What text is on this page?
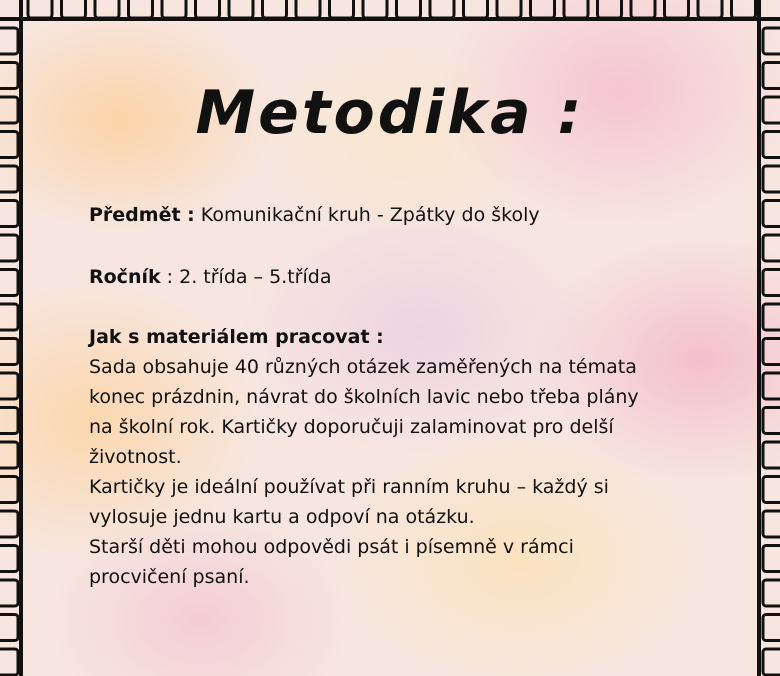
Metodika :

Předmět : Komunikační kruh - Zpátky do školy

Ročník : 2. třída – 5.třída

Jak s materiálem pracovat :

Sada obsahuje 40 různých otázek zaměřených na témata

konec prázdnin, návrat do školních lavic nebo třeba plány

na školní rok. Kartičky doporučuji zalaminovat pro delší

životnost.

Kartičky je ideální používat při ranním kruhu – každý si

vylosuje jednu kartu a odpoví na otázku.

Starší děti mohou odpovědi psát i písemně v rámci

procvičení psaní.
